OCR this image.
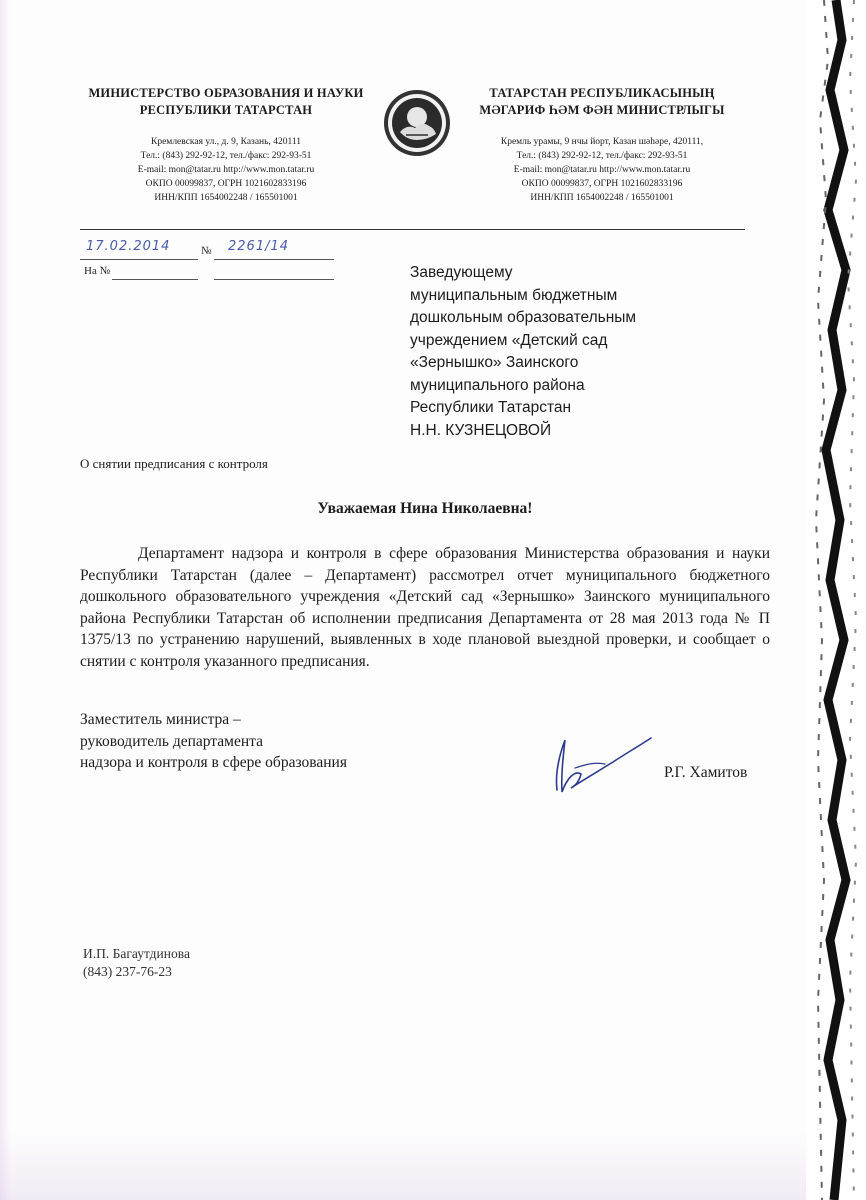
МИНИСТЕРСТВО ОБРАЗОВАНИЯ И НАУКИ
РЕСПУБЛИКИ ТАТАРСТАН
Кремлевская ул., д. 9, Казань, 420111
Тел.: (843) 292-92-12, тел./факс: 292-93-51
E-mail: mon@tatar.ru http://www.mon.tatar.ru
ОКПО 00099837, ОГРН 1021602833196
ИНН/КПП 1654002248 / 165501001
ТАТАРСТАН РЕСПУБЛИКАСЫНЫҢ
МӘГАРИФ ҺӘМ ФӘН МИНИСТРЛЫГЫ
Кремль урамы, 9 нчы йорт, Казан шәһәре, 420111,
Тел.: (843) 292-92-12, тел./факс: 292-93-51
E-mail: mon@tatar.ru http://www.mon.tatar.ru
ОКПО 00099837, ОГРН 1021602833196
ИНН/КПП 1654002248 / 165501001
17.02.2014	№ 2261/14
На №	Заведующему
муниципальным бюджетным
дошкольным образовательным
учреждением «Детский сад
«Зернышко» Заинского
муниципального района
Республики Татарстан
Н.Н. КУЗНЕЦОВОЙ
О снятии предписания с контроля
Уважаемая Нина Николаевна!
Департамент надзора и контроля в сфере образования Министерства образования и науки Республики Татарстан (далее – Департамент) рассмотрел отчет муниципального бюджетного дошкольного образовательного учреждения «Детский сад «Зернышко» Заинского муниципального района Республики Татарстан об исполнении предписания Департамента от 28 мая 2013 года № П 1375/13 по устранению нарушений, выявленных в ходе плановой выездной проверки, и сообщает о снятии с контроля указанного предписания.
Заместитель министра –
руководитель департамента
надзора и контроля в сфере образования
Р.Г. Хамитов
И.П. Багаутдинова
(843) 237-76-23
